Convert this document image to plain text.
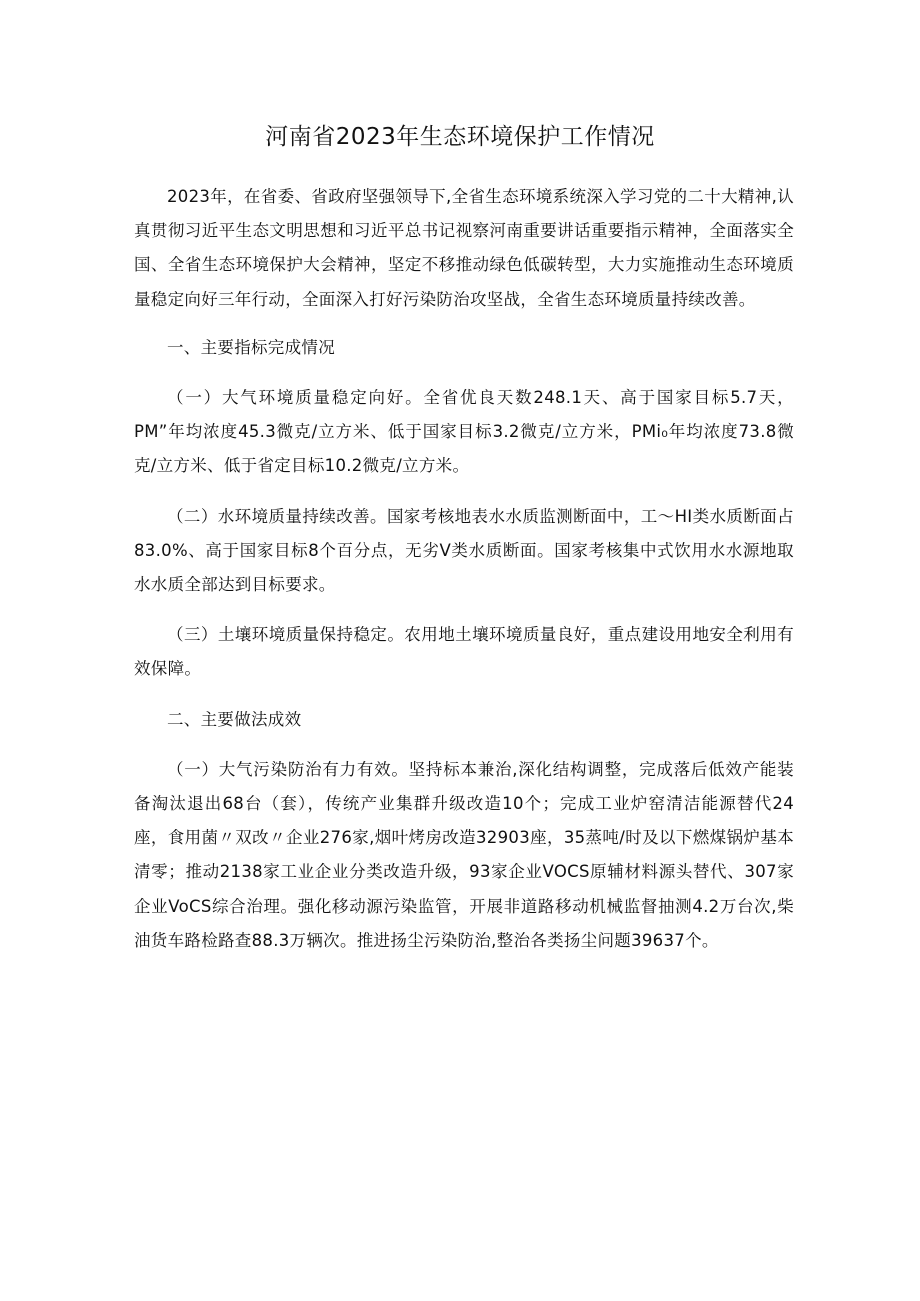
河南省2023年生态环境保护工作情况

2023年，在省委、省政府坚强领导下,全省生态环境系统深入学习党的二十大精神,认真贯彻习近平生态文明思想和习近平总书记视察河南重要讲话重要指示精神，全面落实全国、全省生态环境保护大会精神，坚定不移推动绿色低碳转型，大力实施推动生态环境质量稳定向好三年行动，全面深入打好污染防治攻坚战，全省生态环境质量持续改善。

一、主要指标完成情况

（一）大气环境质量稳定向好。全省优良天数248.1天、高于国家目标5.7天，PM”年均浓度45.3微克/立方米、低于国家目标3.2微克/立方米，PMi₀年均浓度73.8微克/立方米、低于省定目标10.2微克/立方米。

（二）水环境质量持续改善。国家考核地表水水质监测断面中，工〜HI类水质断面占83.0%、高于国家目标8个百分点，无劣V类水质断面。国家考核集中式饮用水水源地取水水质全部达到目标要求。

（三）土壤环境质量保持稳定。农用地土壤环境质量良好，重点建设用地安全利用有效保障。

二、主要做法成效

（一）大气污染防治有力有效。坚持标本兼治,深化结构调整，完成落后低效产能装备淘汰退出68台（套），传统产业集群升级改造10个；完成工业炉窑清洁能源替代24座，食用菌〃双改〃企业276家,烟叶烤房改造32903座，35蒸吨/时及以下燃煤锅炉基本清零；推动2138家工业企业分类改造升级，93家企业VOCS原辅材料源头替代、307家企业VoCS综合治理。强化移动源污染监管，开展非道路移动机械监督抽测4.2万台次,柴油货车路检路查88.3万辆次。推进扬尘污染防治,整治各类扬尘问题39637个。
